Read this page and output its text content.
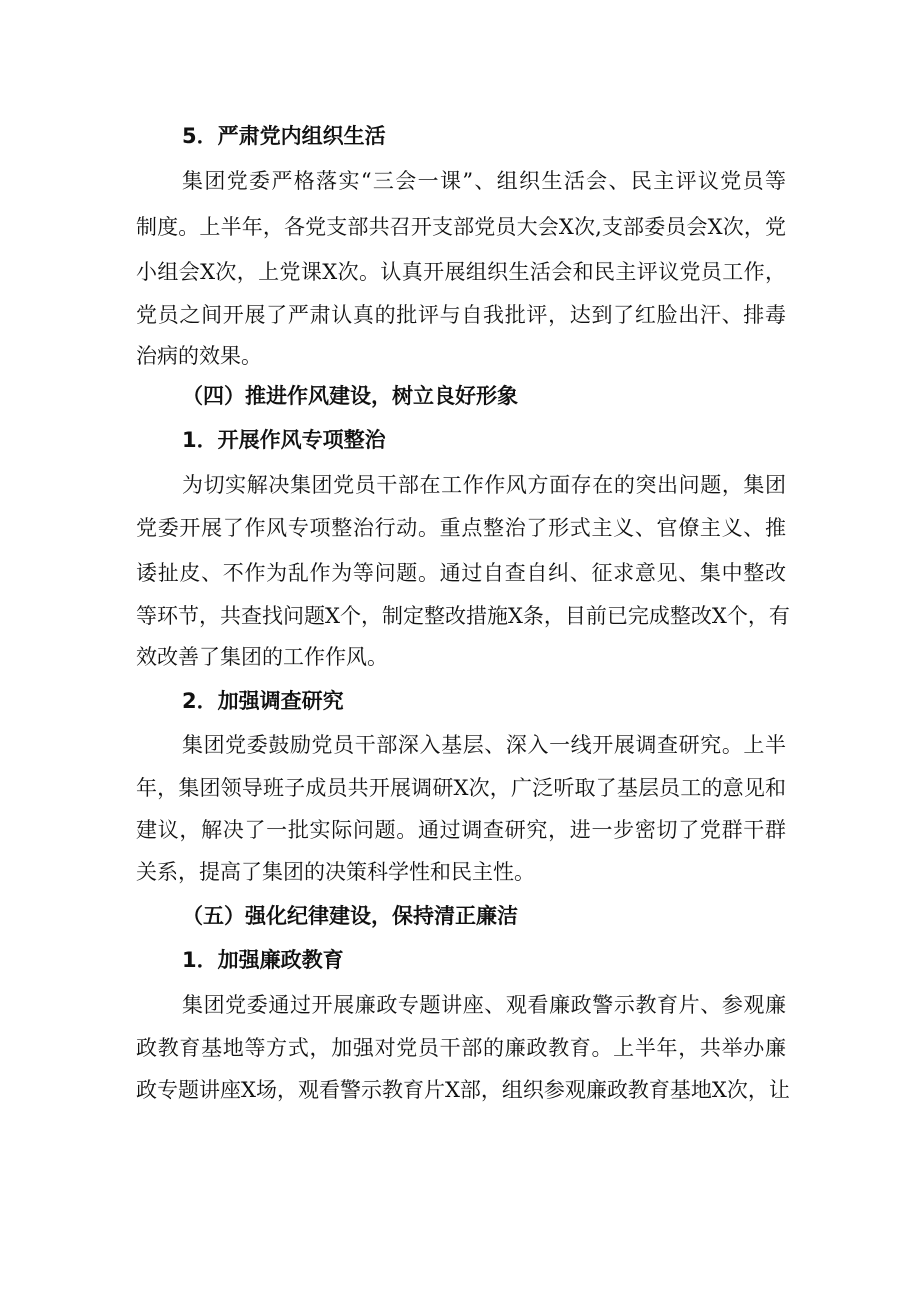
5．严肃党内组织生活
集团党委严格落实“三会一课”、组织生活会、民主评议党员等
制度。上半年，各党支部共召开支部党员大会X次,支部委员会X次，党
小组会X次，上党课X次。认真开展组织生活会和民主评议党员工作，
党员之间开展了严肃认真的批评与自我批评，达到了红脸出汗、排毒
治病的效果。
（四）推进作风建设，树立良好形象
1．开展作风专项整治
为切实解决集团党员干部在工作作风方面存在的突出问题，集团
党委开展了作风专项整治行动。重点整治了形式主义、官僚主义、推
诿扯皮、不作为乱作为等问题。通过自查自纠、征求意见、集中整改
等环节，共查找问题X个，制定整改措施X条，目前已完成整改X个，有
效改善了集团的工作作风。
2．加强调查研究
集团党委鼓励党员干部深入基层、深入一线开展调查研究。上半
年，集团领导班子成员共开展调研X次，广泛听取了基层员工的意见和
建议，解决了一批实际问题。通过调查研究，进一步密切了党群干群
关系，提高了集团的决策科学性和民主性。
（五）强化纪律建设，保持清正廉洁
1．加强廉政教育
集团党委通过开展廉政专题讲座、观看廉政警示教育片、参观廉
政教育基地等方式，加强对党员干部的廉政教育。上半年，共举办廉
政专题讲座X场，观看警示教育片X部，组织参观廉政教育基地X次，让
